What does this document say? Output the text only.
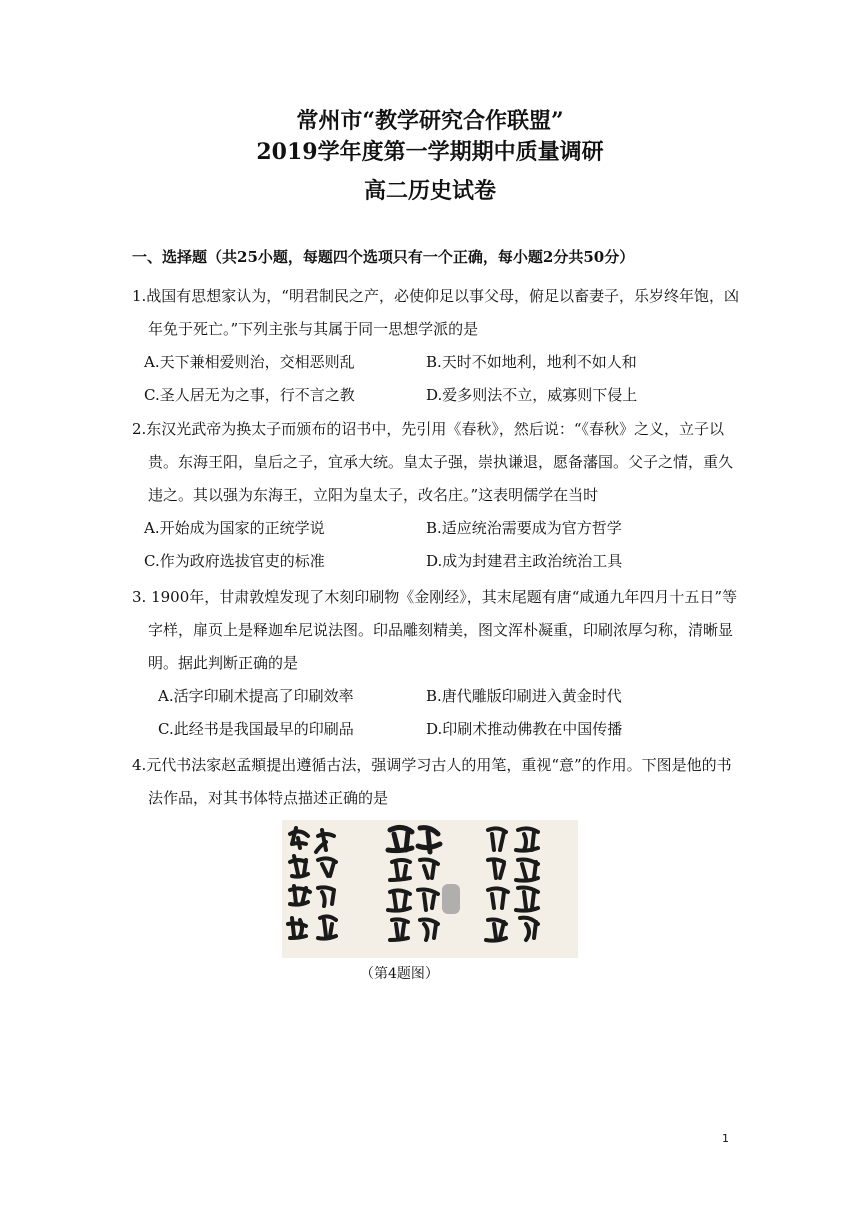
常州市“教学研究合作联盟”

2019学年度第一学期期中质量调研

高二历史试卷

一、选择题（共25小题，每题四个选项只有一个正确，每小题2分共50分）

1.战国有思想家认为，“明君制民之产，必使仰足以事父母，俯足以畜妻子，乐岁终年饱，凶年免于死亡。”下列主张与其属于同一思想学派的是

A.天下兼相爱则治，交相恶则乱	B.天时不如地利，地利不如人和
C.圣人居无为之事，行不言之教	D.爱多则法不立，威寡则下侵上

2.东汉光武帝为换太子而颁布的诏书中，先引用《春秋》，然后说：“《春秋》之义，立子以贵。东海王阳，皇后之子，宜承大统。皇太子强，崇执谦退，愿备藩国。父子之情，重久违之。其以强为东海王，立阳为皇太子，改名庄。”这表明儒学在当时

A.开始成为国家的正统学说	B.适应统治需要成为官方哲学
C.作为政府选拔官吏的标准	D.成为封建君主政治统治工具

3. 1900年，甘肃敦煌发现了木刻印刷物《金刚经》，其末尾题有唐“咸通九年四月十五日”等字样，扉页上是释迦牟尼说法图。印品雕刻精美，图文浑朴凝重，印刷浓厚匀称，清晰显明。据此判断正确的是

A.活字印刷术提高了印刷效率	B.唐代雕版印刷进入黄金时代
C.此经书是我国最早的印刷品	D.印刷术推动佛教在中国传播

4.元代书法家赵孟頫提出遵循古法，强调学习古人的用笔，重视“意”的作用。下图是他的书法作品，对其书体特点描述正确的是

（第4题图）
1
